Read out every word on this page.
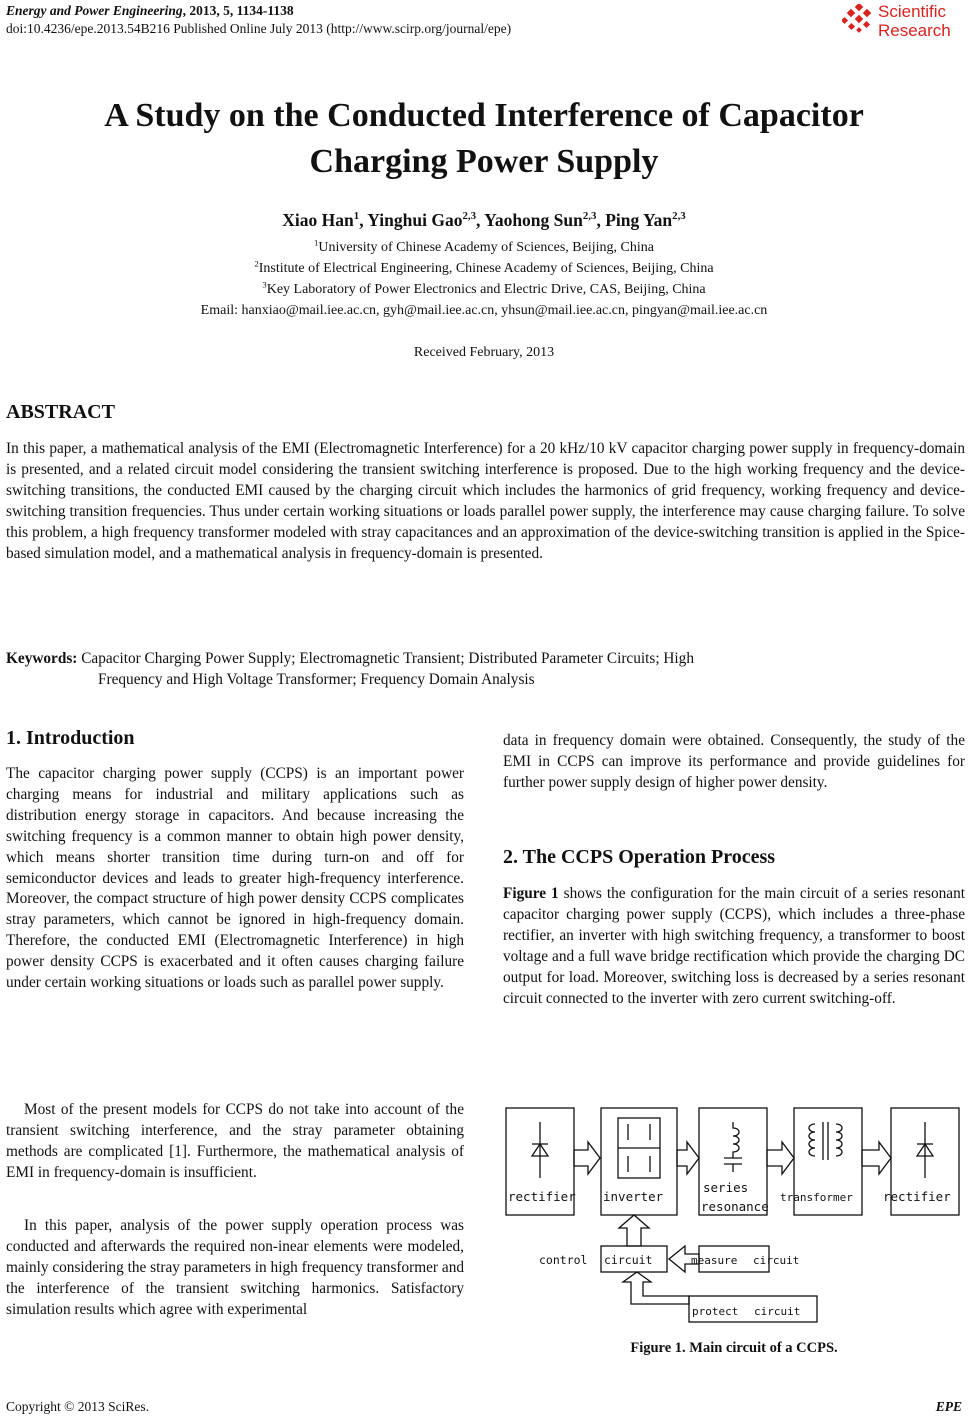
Energy and Power Engineering, 2013, 5, 1134-1138
doi:10.4236/epe.2013.54B216 Published Online July 2013 (http://www.scirp.org/journal/epe)
Scientific
Research
A Study on the Conducted Interference of Capacitor
Charging Power Supply
Xiao Han$^1$, Yinghui Gao$^{2,3}$, Yaohong Sun$^{2,3}$, Ping Yan$^{2,3}$
$^1$University of Chinese Academy of Sciences, Beijing, China
$^2$Institute of Electrical Engineering, Chinese Academy of Sciences, Beijing, China
$^3$Key Laboratory of Power Electronics and Electric Drive, CAS, Beijing, China
Email: hanxiao@mail.iee.ac.cn, gyh@mail.iee.ac.cn, yhsun@mail.iee.ac.cn, pingyan@mail.iee.ac.cn
Received February, 2013
ABSTRACT
In this paper, a mathematical analysis of the EMI (Electromagnetic Interference) for a 20 kHz/10 kV capacitor charging power supply in frequency-domain is presented, and a related circuit model considering the transient switching interference is proposed. Due to the high working frequency and the device-switching transitions, the conducted EMI caused by the charging circuit which includes the harmonics of grid frequency, working frequency and device-switching transition frequencies. Thus under certain working situations or loads parallel power supply, the interference may cause charging failure. To solve this problem, a high frequency transformer modeled with stray capacitances and an approximation of the device-switching transition is applied in the Spice-based simulation model, and a mathematical analysis in frequency-domain is presented.
Keywords: Capacitor Charging Power Supply; Electromagnetic Transient; Distributed Parameter Circuits; High
Frequency and High Voltage Transformer; Frequency Domain Analysis
1. Introduction
The capacitor charging power supply (CCPS) is an important power charging means for industrial and military applications such as distribution energy storage in capacitors. And because increasing the switching frequency is a common manner to obtain high power density, which means shorter transition time during turn-on and off for semiconductor devices and leads to greater high-frequency interference. Moreover, the compact structure of high power density CCPS complicates stray parameters, which cannot be ignored in high-frequency domain. Therefore, the conducted EMI (Electromagnetic Interference) in high power density CCPS is exacerbated and it often causes charging failure under certain working situations or loads such as parallel power supply.
Most of the present models for CCPS do not take into account of the transient switching interference, and the stray parameter obtaining methods are complicated [1]. Furthermore, the mathematical analysis of EMI in frequency-domain is insufficient.
In this paper, analysis of the power supply operation process was conducted and afterwards the required non-inear elements were modeled, mainly considering the stray parameters in high frequency transformer and the interference of the transient switching harmonics. Satisfactory simulation results which agree with experimental
data in frequency domain were obtained. Consequently, the study of the EMI in CCPS can improve its performance and provide guidelines for further power supply design of higher power density.
2. The CCPS Operation Process
Figure 1 shows the configuration for the main circuit of a series resonant capacitor charging power supply (CCPS), which includes a three-phase rectifier, an inverter with high switching frequency, a transformer to boost voltage and a full wave bridge rectification which provide the charging DC output for load. Moreover, switching loss is decreased by a series resonant circuit connected to the inverter with zero current switching-off.
rectifier inverter
series
resonance
transformer rectifier
control circuit	measure circuit
protect circuit
Figure 1. Main circuit of a CCPS.
Copyright © 2013 SciRes.	EPE
